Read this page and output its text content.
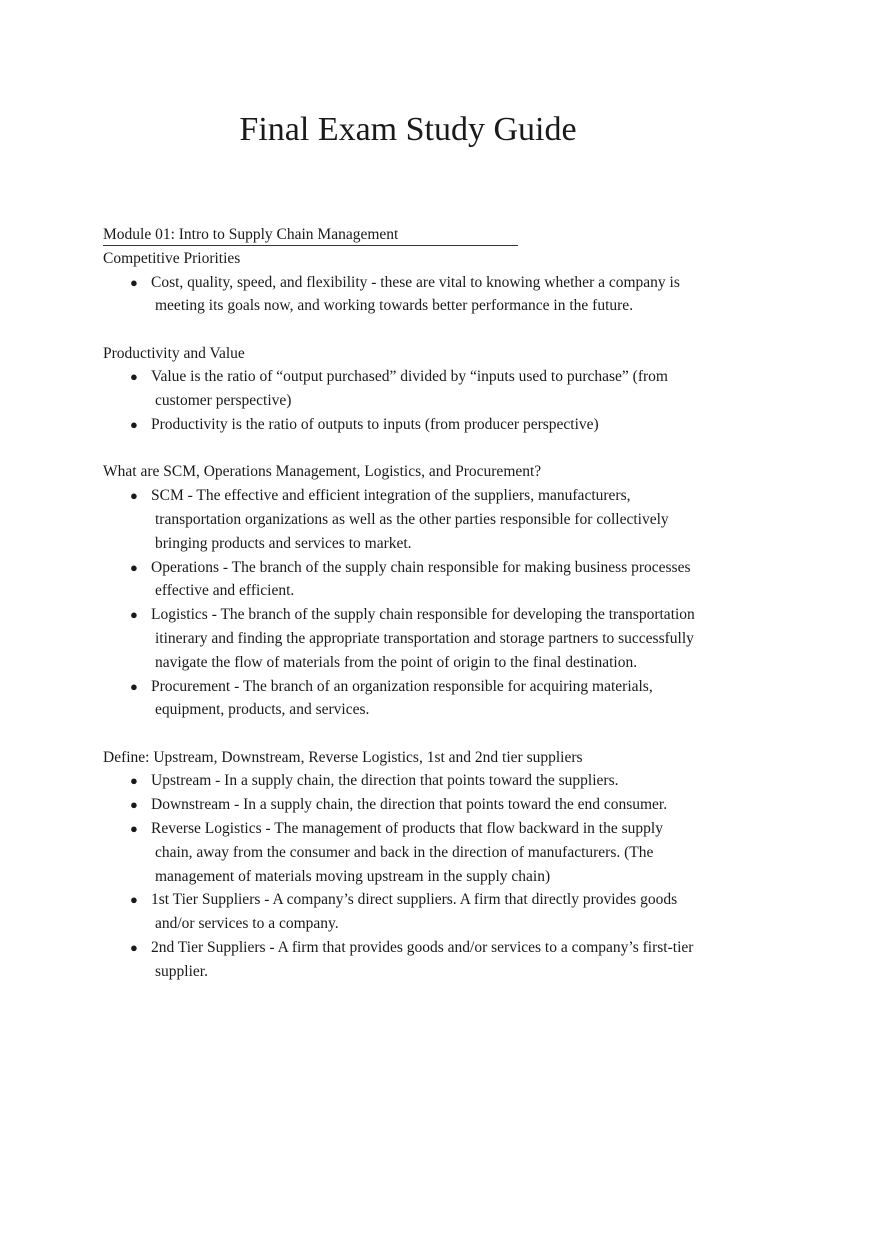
Final Exam Study Guide

Module 01: Intro to Supply Chain Management

Competitive Priorities

● Cost, quality, speed, and flexibility - these are vital to knowing whether a company is meeting its goals now, and working towards better performance in the future.

Productivity and Value

● Value is the ratio of “output purchased” divided by “inputs used to purchase” (from customer perspective)
● Productivity is the ratio of outputs to inputs (from producer perspective)

What are SCM, Operations Management, Logistics, and Procurement?

● SCM - The effective and efficient integration of the suppliers, manufacturers, transportation organizations as well as the other parties responsible for collectively bringing products and services to market.
● Operations - The branch of the supply chain responsible for making business processes effective and efficient.
● Logistics - The branch of the supply chain responsible for developing the transportation itinerary and finding the appropriate transportation and storage partners to successfully navigate the flow of materials from the point of origin to the final destination.
● Procurement - The branch of an organization responsible for acquiring materials, equipment, products, and services.

Define: Upstream, Downstream, Reverse Logistics, 1st and 2nd tier suppliers

● Upstream - In a supply chain, the direction that points toward the suppliers.
● Downstream - In a supply chain, the direction that points toward the end consumer.
● Reverse Logistics - The management of products that flow backward in the supply chain, away from the consumer and back in the direction of manufacturers. (The management of materials moving upstream in the supply chain)
● 1st Tier Suppliers - A company’s direct suppliers. A firm that directly provides goods and/or services to a company.
● 2nd Tier Suppliers - A firm that provides goods and/or services to a company’s first-tier supplier.
